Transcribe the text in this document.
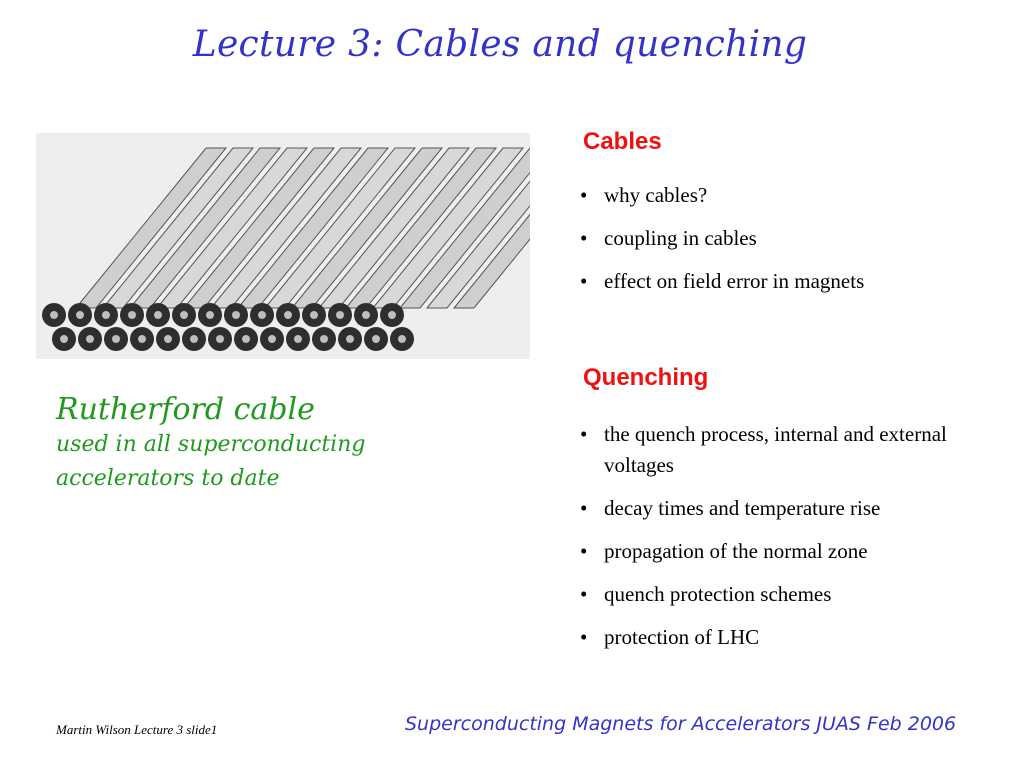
Lecture 3: Cables and quenching
Rutherford cable
used in all superconducting
accelerators to date
Cables
• why cables?
• coupling in cables
• effect on field error in magnets
Quenching
• the quench process, internal and external voltages
• decay times and temperature rise
• propagation of the normal zone
• quench protection schemes
• protection of LHC
Martin Wilson Lecture 3 slide1	Superconducting Magnets for Accelerators JUAS Feb 2006
